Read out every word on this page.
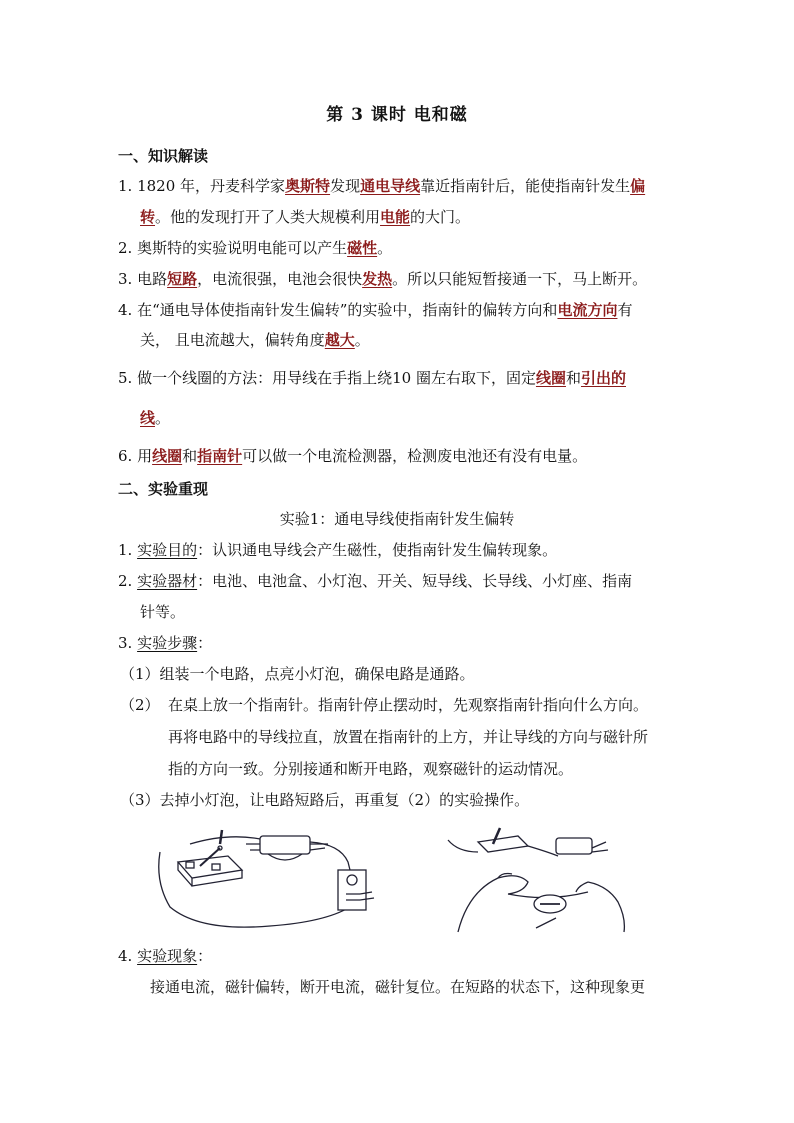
第 3 课时 电和磁
一、知识解读
1. 1820 年，丹麦科学家奥斯特发现通电导线靠近指南针后，能使指南针发生偏
转。他的发现打开了人类大规模利用电能的大门。
2. 奥斯特的实验说明电能可以产生磁性。
3. 电路短路，电流很强，电池会很快发热。所以只能短暂接通一下，马上断开。
4. 在“通电导体使指南针发生偏转”的实验中，指南针的偏转方向和电流方向有
关， 且电流越大，偏转角度越大。
5. 做一个线圈的方法：用导线在手指上绕10 圈左右取下，固定线圈和引出的
线。
6. 用线圈和指南针可以做一个电流检测器，检测废电池还有没有电量。
二、实验重现
实验1：通电导线使指南针发生偏转
1. 实验目的：认识通电导线会产生磁性，使指南针发生偏转现象。
2. 实验器材：电池、电池盒、小灯泡、开关、短导线、长导线、小灯座、指南
针等。
3. 实验步骤：
（1）组装一个电路，点亮小灯泡，确保电路是通路。
（2） 在桌上放一个指南针。指南针停止摆动时，先观察指南针指向什么方向。
再将电路中的导线拉直，放置在指南针的上方，并让导线的方向与磁针所
指的方向一致。分别接通和断开电路，观察磁针的运动情况。
（3）去掉小灯泡，让电路短路后，再重复（2）的实验操作。
4. 实验现象：
接通电流，磁针偏转，断开电流，磁针复位。在短路的状态下，这种现象更
